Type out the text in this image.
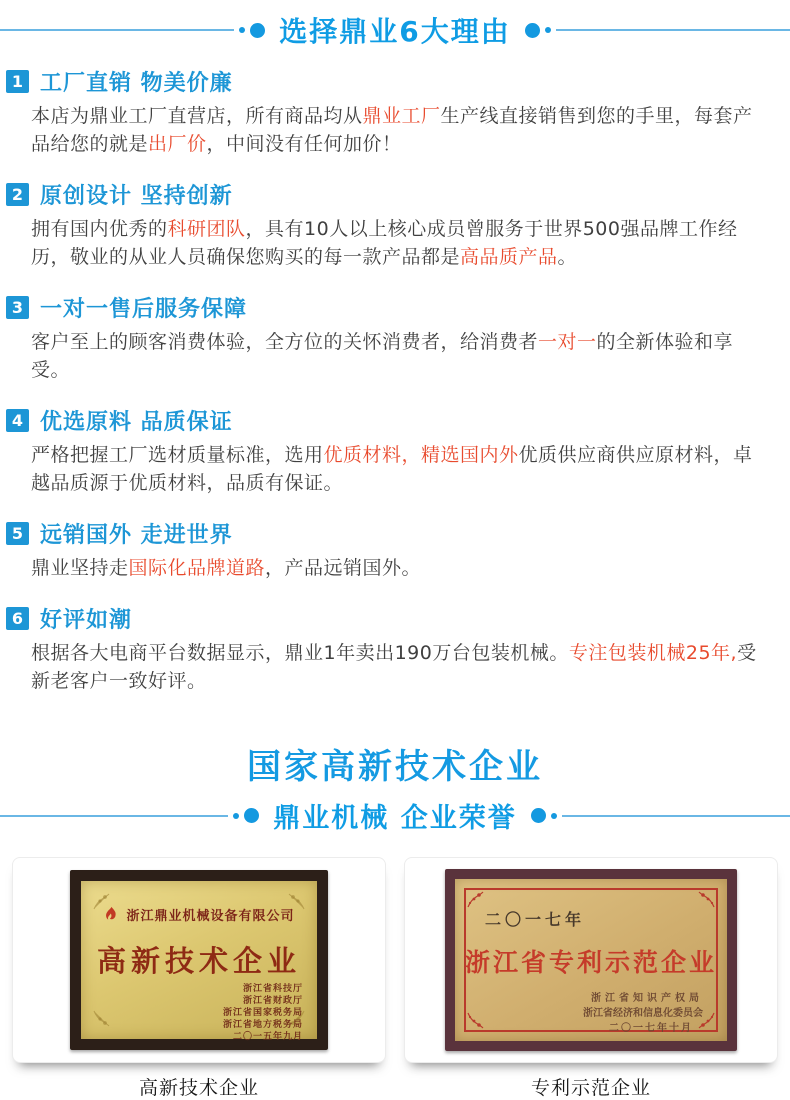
选择鼎业6大理由
1 工厂直销 物美价廉

本店为鼎业工厂直营店，所有商品均从鼎业工厂生产线直接销售到您的手里，每套产品给您的就是出厂价，中间没有任何加价！

2 原创设计 坚持创新

拥有国内优秀的科研团队，具有10人以上核心成员曾服务于世界500强品牌工作经历，敬业的从业人员确保您购买的每一款产品都是高品质产品。

3 一对一售后服务保障

客户至上的顾客消费体验，全方位的关怀消费者，给消费者一对一的全新体验和享受。

4 优选原料 品质保证

严格把握工厂选材质量标准，选用优质材料，精选国内外优质供应商供应原材料，卓越品质源于优质材料，品质有保证。

5 远销国外 走进世界

鼎业坚持走国际化品牌道路，产品远销国外。

6 好评如潮

根据各大电商平台数据显示，鼎业1年卖出190万台包装机械。专注包装机械25年,受新老客户一致好评。

国家高新技术企业
鼎业机械 企业荣誉
浙江鼎业机械设备有限公司
高新技术企业
浙江省科技厅
浙江省财政厅
浙江省国家税务局
浙江省地方税务局
二〇一五年九月
高新技术企业
二〇一七年
浙江省专利示范企业
浙江省知识产权局
浙江省经济和信息化委员会
二〇一七年十月
专利示范企业
